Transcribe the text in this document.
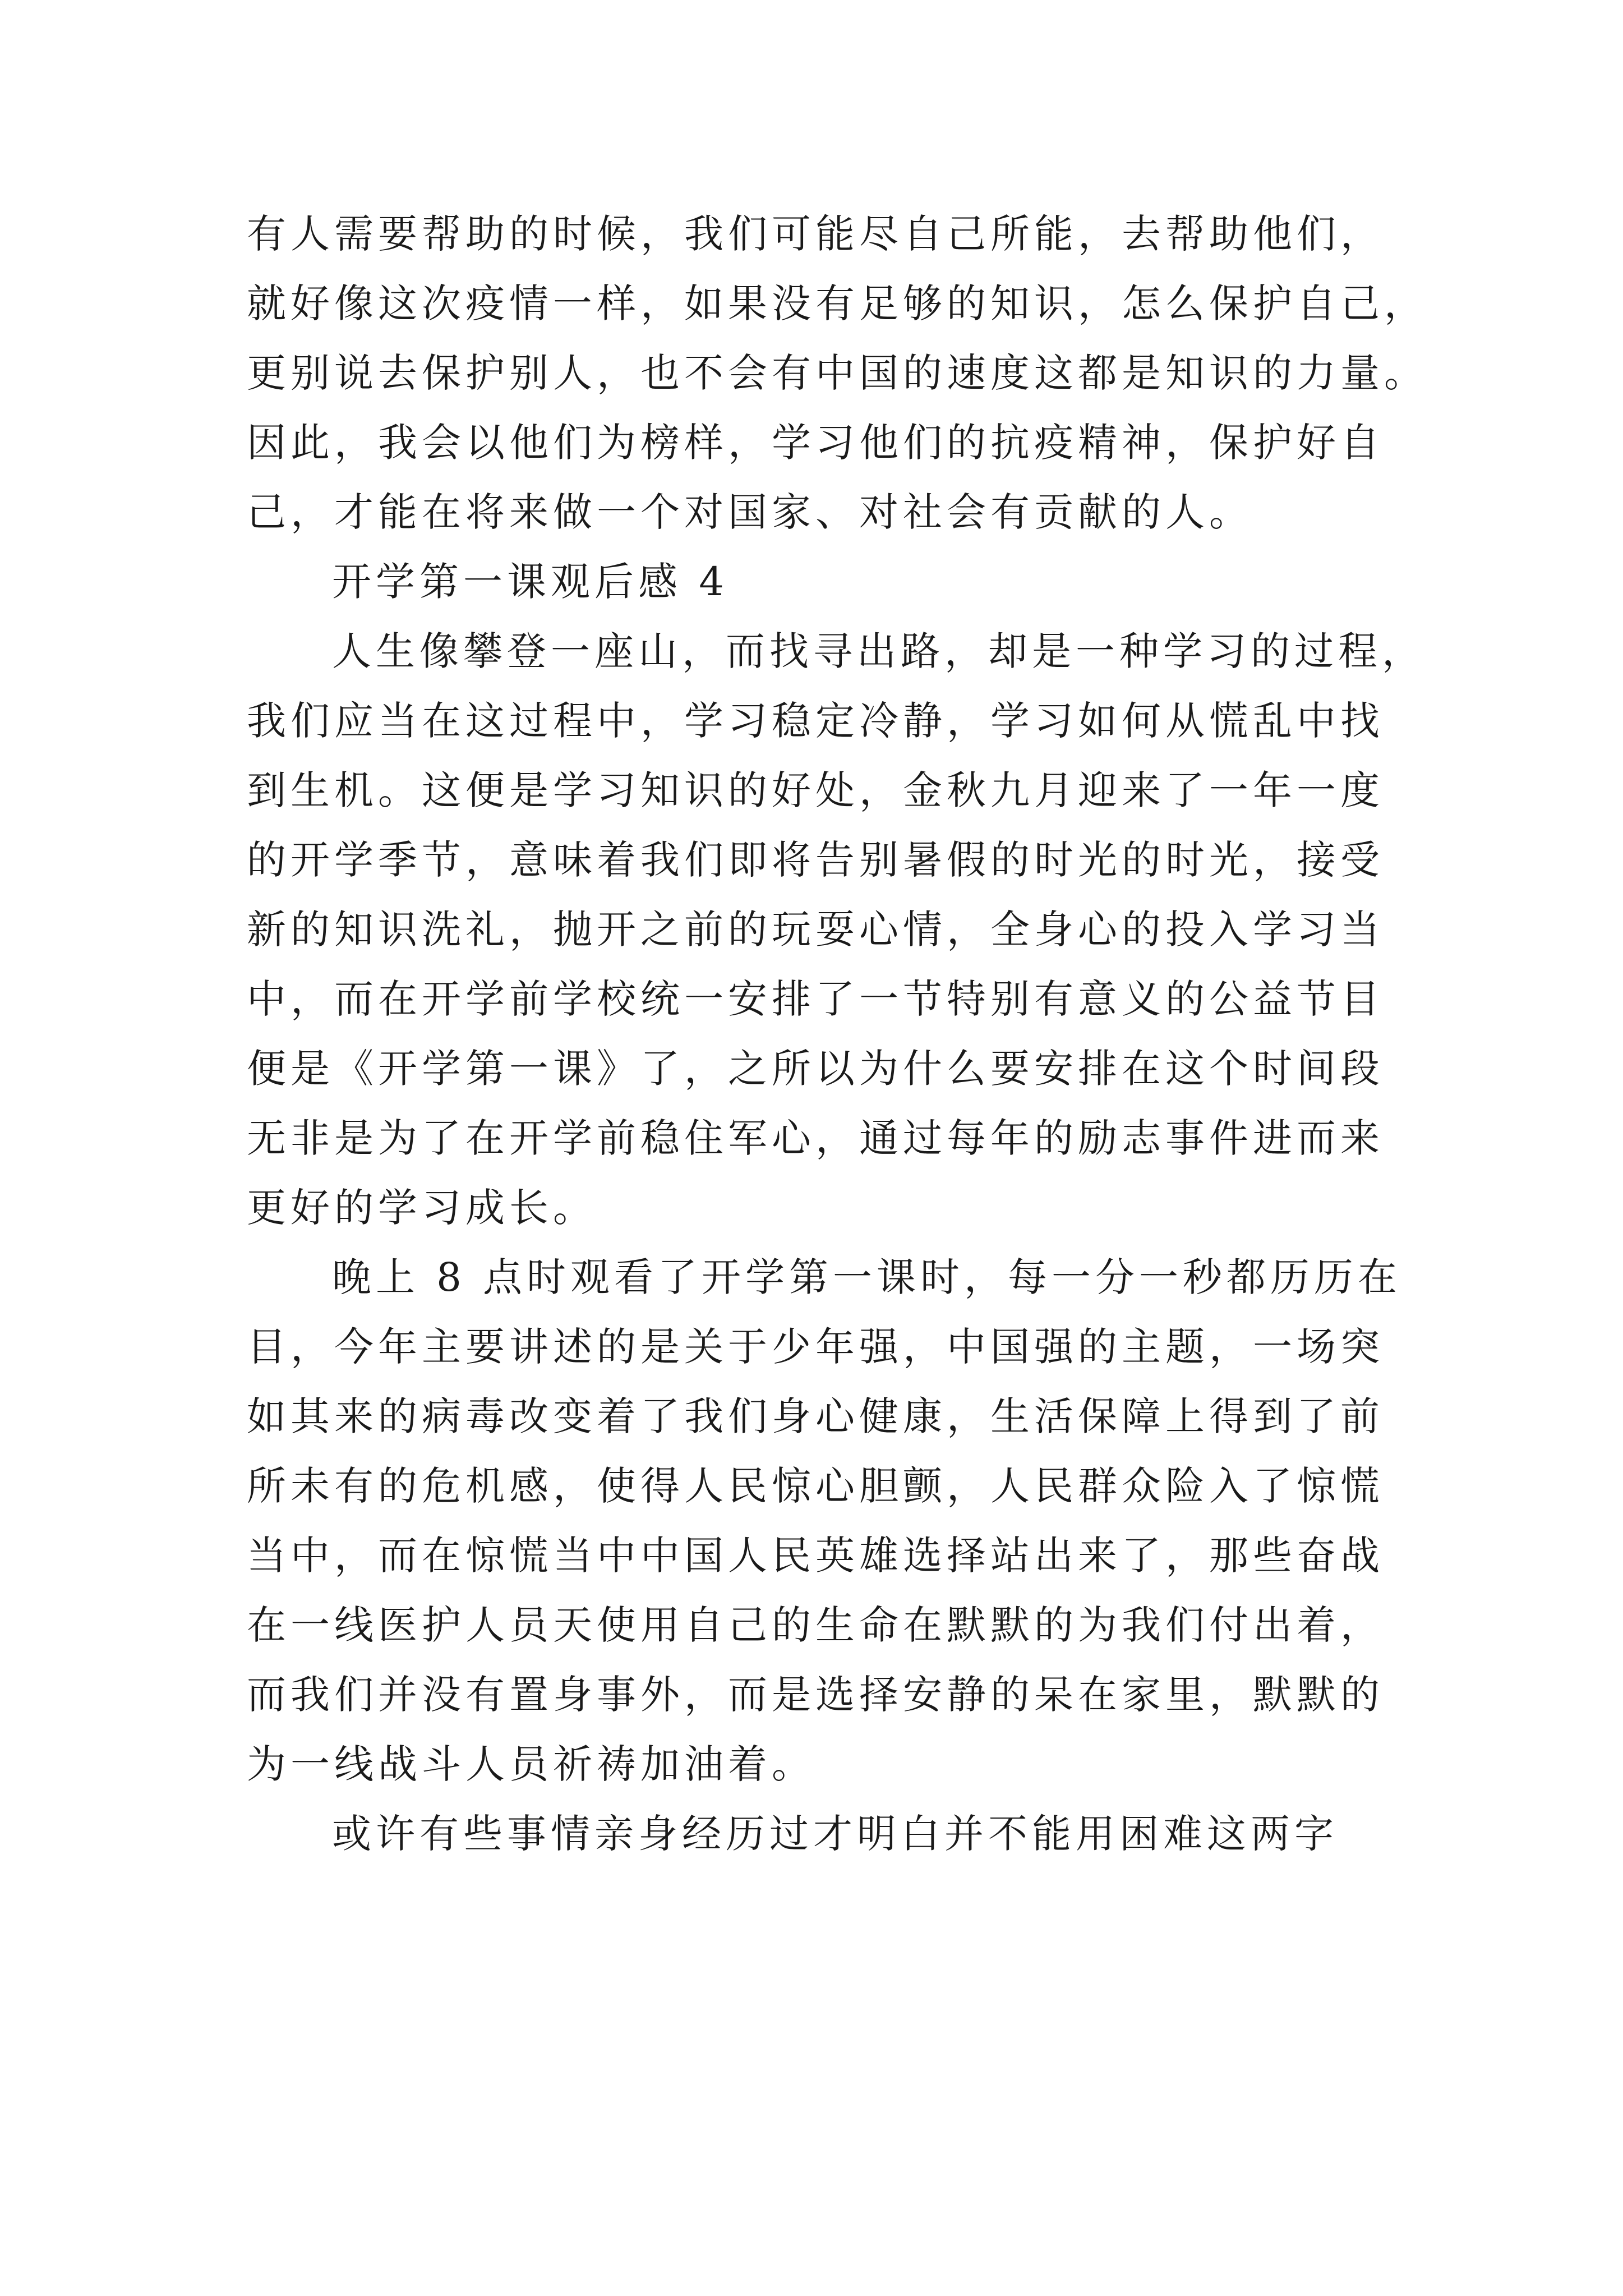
有人需要帮助的时候，我们可能尽自己所能，去帮助他们，
就好像这次疫情一样，如果没有足够的知识，怎么保护自己，
更别说去保护别人，也不会有中国的速度这都是知识的力量。
因此，我会以他们为榜样，学习他们的抗疫精神，保护好自
己，才能在将来做一个对国家、对社会有贡献的人。
开学第一课观后感 4
人生像攀登一座山，而找寻出路，却是一种学习的过程，
我们应当在这过程中，学习稳定冷静，学习如何从慌乱中找
到生机。这便是学习知识的好处，金秋九月迎来了一年一度
的开学季节，意味着我们即将告别暑假的时光的时光，接受
新的知识洗礼，抛开之前的玩耍心情，全身心的投入学习当
中，而在开学前学校统一安排了一节特别有意义的公益节目
便是《开学第一课》了，之所以为什么要安排在这个时间段
无非是为了在开学前稳住军心，通过每年的励志事件进而来
更好的学习成长。
晚上 8 点时观看了开学第一课时，每一分一秒都历历在
目，今年主要讲述的是关于少年强，中国强的主题，一场突
如其来的病毒改变着了我们身心健康，生活保障上得到了前
所未有的危机感，使得人民惊心胆颤，人民群众险入了惊慌
当中，而在惊慌当中中国人民英雄选择站出来了，那些奋战
在一线医护人员天使用自己的生命在默默的为我们付出着，
而我们并没有置身事外，而是选择安静的呆在家里，默默的
为一线战斗人员祈祷加油着。
或许有些事情亲身经历过才明白并不能用困难这两字
